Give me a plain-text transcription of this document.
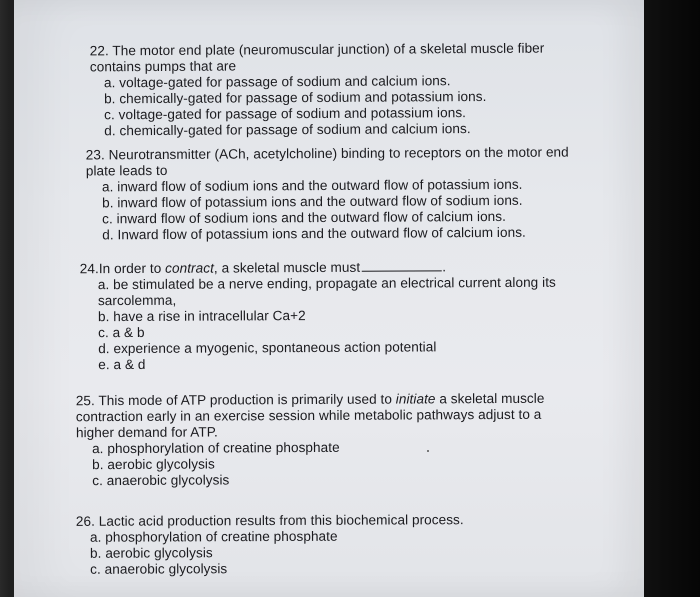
22. The motor end plate (neuromuscular junction) of a skeletal muscle fiber
contains pumps that are
a. voltage-gated for passage of sodium and calcium ions.
b. chemically-gated for passage of sodium and potassium ions.
c. voltage-gated for passage of sodium and potassium ions.
d. chemically-gated for passage of sodium and calcium ions.
23. Neurotransmitter (ACh, acetylcholine) binding to receptors on the motor end
plate leads to
a. inward flow of sodium ions and the outward flow of potassium ions.
b. inward flow of potassium ions and the outward flow of sodium ions.
c. inward flow of sodium ions and the outward flow of calcium ions.
d. Inward flow of potassium ions and the outward flow of calcium ions.
24.In order to contract, a skeletal muscle must	.
a. be stimulated be a nerve ending, propagate an electrical current along its
sarcolemma,
b. have a rise in intracellular Ca+2
c. a & b
d. experience a myogenic, spontaneous action potential
e. a & d
25. This mode of ATP production is primarily used to initiate a skeletal muscle
contraction early in an exercise session while metabolic pathways adjust to a
higher demand for ATP.
a. phosphorylation of creatine phosphate
b. aerobic glycolysis
c. anaerobic glycolysis
26. Lactic acid production results from this biochemical process.
a. phosphorylation of creatine phosphate
b. aerobic glycolysis
c. anaerobic glycolysis
